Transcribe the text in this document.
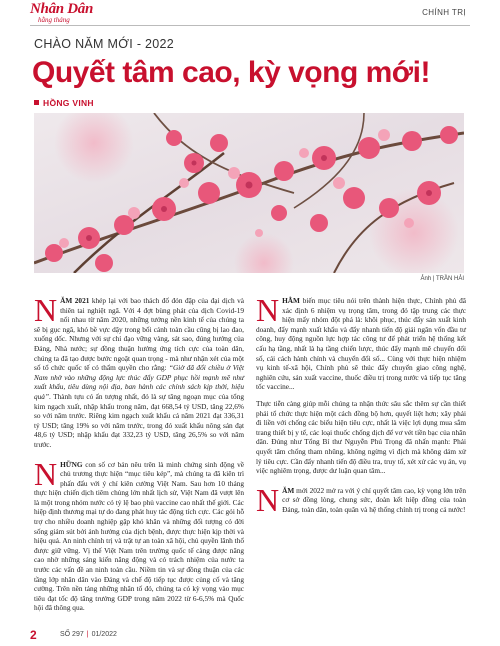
Nhân Dân
hằng tháng
CHÍNH TRỊ
CHÀO NĂM MỚI - 2022
Quyết tâm cao, kỳ vọng mới!
HỒNG VINH
Ảnh | TRẦN HẢI

NĂM 2021 khép lại với bao thách đố đón đập của đại dịch và thiên tai nghiệt ngã. Với 4 đợt bùng phát của dịch Covid-19 nối nhau từ năm 2020, những tưởng nền kinh tế của chúng ta sẽ bị gục ngã, khó bề vực dậy trong bối cảnh toàn cầu cũng bị lao đao, xuống dốc. Nhưng với sự chỉ đạo vững vàng, sát sao, đúng hướng của Đảng, Nhà nước; sự đồng thuận hưởng ứng tích cực của toàn dân, chúng ta đã tạo được bước ngoặt quan trọng - mà như nhận xét của một số tổ chức quốc tế có thẩm quyền cho rằng: “Giờ đã đổi chiều ở Việt Nam nhờ vào những động lực thúc đẩy GDP phục hồi mạnh mẽ như xuất khẩu, tiêu dùng nội địa, ban hành các chính sách kịp thời, hiệu quả”. Thành tựu có ấn tượng nhất, đó là sự tăng ngoạn mục của tổng kim ngạch xuất, nhập khẩu trong năm, đạt 668,54 tỷ USD, tăng 22,6% so với năm trước. Riêng kim ngạch xuất khẩu cả năm 2021 đạt 336,31 tỷ USD; tăng 19% so với năm trước, trong đó xuất khẩu nông sản đạt 48,6 tỷ USD; nhập khẩu đạt 332,23 tỷ USD, tăng 26,5% so với năm trước.

NHỮNG con số cơ bản nêu trên là minh chứng sinh động về chủ trương thực hiện “mục tiêu kép”, mà chúng ta đã kiên trì phấn đấu với ý chí kiên cường Việt Nam. Sau hơn 10 tháng thực hiện chiến dịch tiêm chủng lớn nhất lịch sử, Việt Nam đã vượt lên là một trong nhóm nước có tỷ lệ bao phủ vaccine cao nhất thế giới. Các hiệp định thương mại tự do đang phát huy tác động tích cực. Các gói hỗ trợ cho nhiều doanh nghiệp gặp khó khăn và những đối tượng có đời sống giảm sút bởi ảnh hưởng của dịch bệnh, được thực hiện kịp thời và hiệu quả. An ninh chính trị và trật tự an toàn xã hội, chủ quyền lãnh thổ được giữ vững. Vị thế Việt Nam trên trường quốc tế càng được nâng cao nhờ những sáng kiến năng động và có trách nhiệm của nước ta trước các vấn đề an ninh toàn cầu. Niềm tin và sự đồng thuận của các tầng lớp nhân dân vào Đảng và chế độ tiếp tục được củng cố và tăng cường. Trên nền tảng những nhân tố đó, chúng ta có kỳ vọng vào mục tiêu đạt tốc độ tăng trưởng GDP trong năm 2022 từ 6-6,5% mà Quốc hội đã thông qua.

NHẰM biến mục tiêu nói trên thành hiện thực, Chính phủ đã xác định 6 nhiệm vụ trọng tâm, trong đó tập trung các thực hiện mấy nhóm đột phá là: khôi phục, thúc đẩy sản xuất kinh doanh, đẩy mạnh xuất khẩu và đẩy nhanh tiến độ giải ngân vốn đầu tư công, huy động nguồn lực hợp tác công tư để phát triển hệ thống kết cấu hạ tầng, nhất là hạ tầng chiến lược, thúc đẩy mạnh mẽ chuyển đổi số, cải cách hành chính và chuyển đổi số... Cùng với thực hiện nhiệm vụ kinh tế-xã hội, Chính phủ sẽ thúc đẩy chuyển giao công nghệ, nghiên cứu, sản xuất vaccine, thuốc điều trị trong nước và tiếp tục tăng tốc vaccine...

Thực tiễn càng giúp mỗi chúng ta nhận thức sâu sắc thêm sự cần thiết phải tổ chức thực hiện một cách đồng bộ hơn, quyết liệt hơn; xây phải đi liền với chống các biểu hiện tiêu cực, nhất là việc lợi dụng mua sắm trang thiết bị y tế, các loại thuốc chống dịch để vơ vét tiền bạc của nhân dân. Đúng như Tổng Bí thư Nguyễn Phú Trọng đã nhấn mạnh: Phải quyết tâm chống tham nhũng, không ngừng vì địch mà không dám xử lý tiêu cực. Cần đẩy nhanh tiến độ điều tra, truy tố, xét xử các vụ án, vụ việc nghiêm trọng, được dư luận quan tâm...

NĂM mới 2022 mở ra với ý chí quyết tâm cao, kỳ vọng lớn trên cơ sở đồng lòng, chung sức, đoàn kết hiệp đồng của toàn Đảng, toàn dân, toàn quân và hệ thống chính trị trong cả nước!

2	SỐ 297 | 01/2022
